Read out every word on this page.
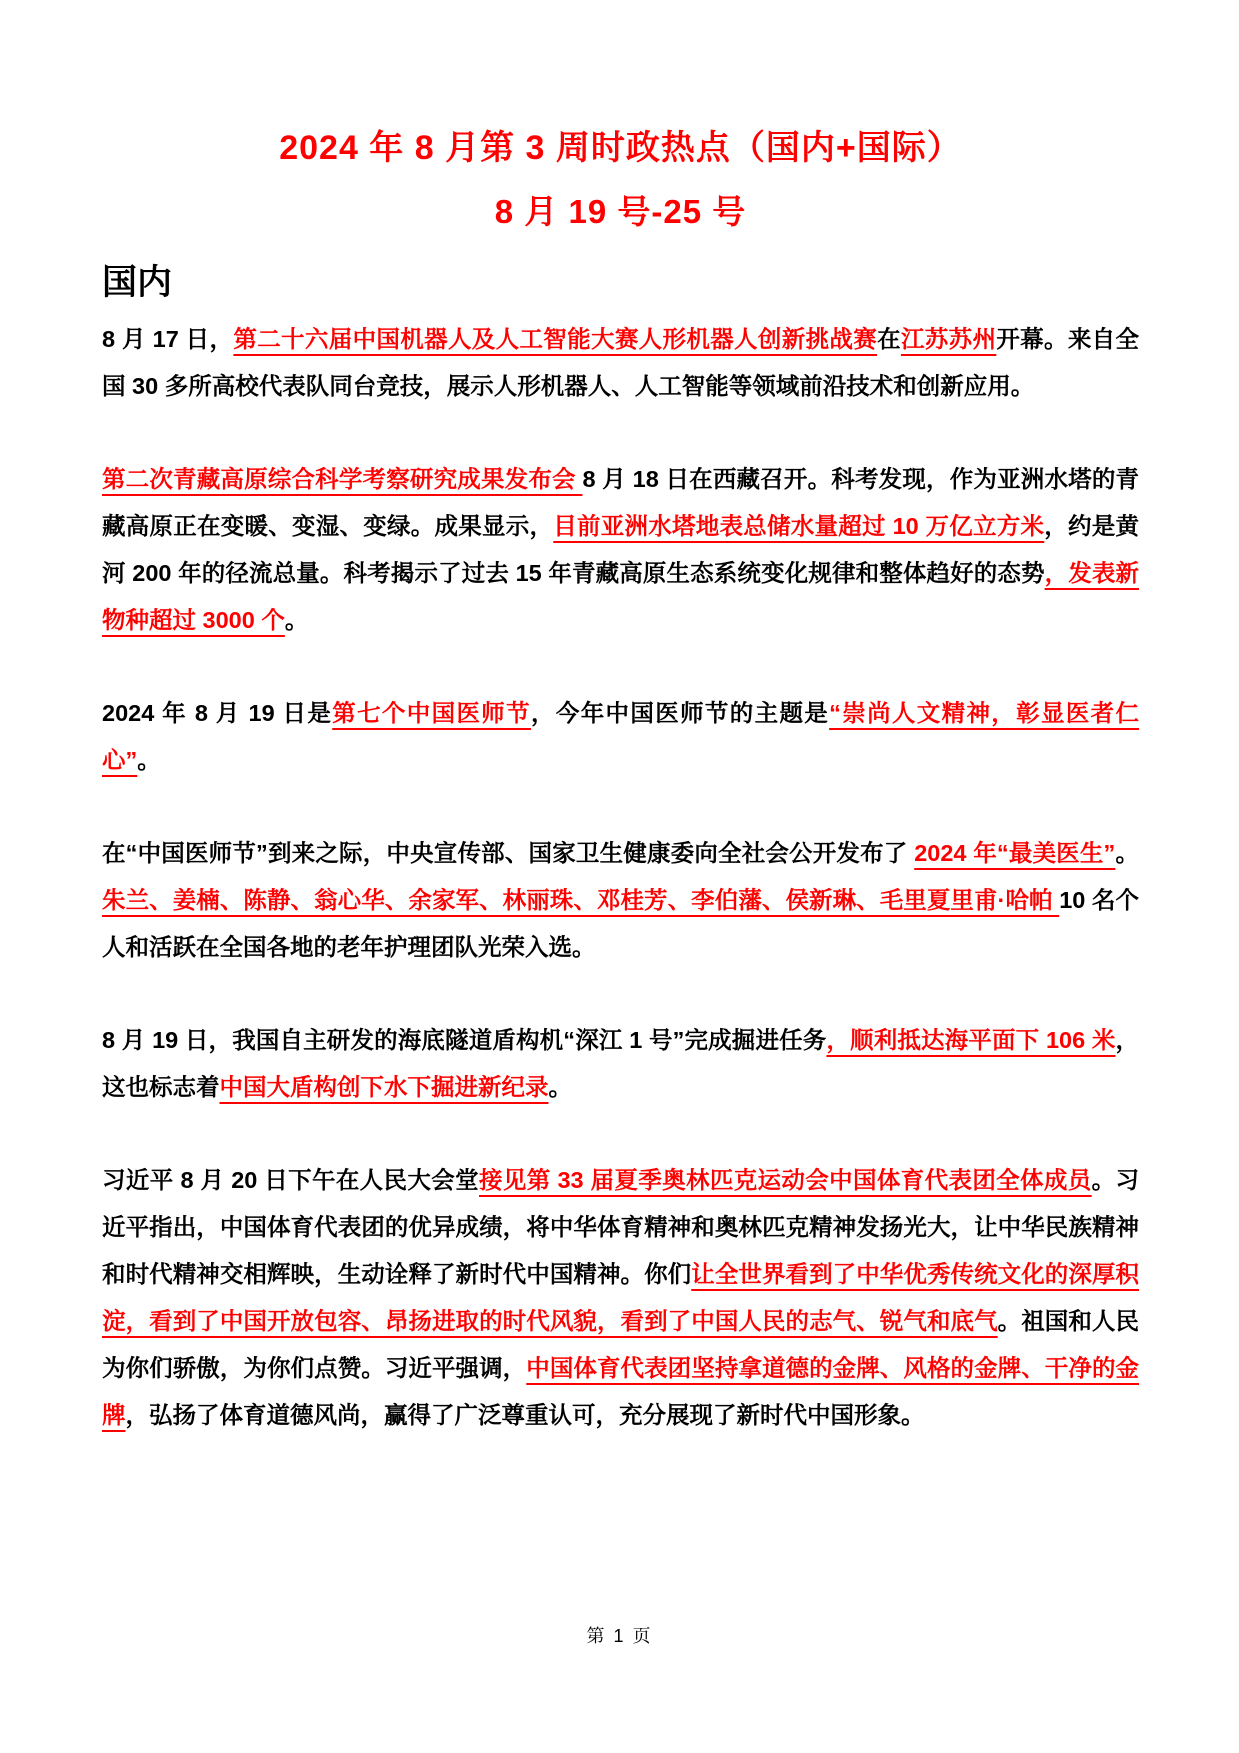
2024 年 8 月第 3 周时政热点（国内+国际）
8 月 19 号-25 号
国内

8 月 17 日，第二十六届中国机器人及人工智能大赛人形机器人创新挑战赛在江苏苏州开幕。来自全国 30 多所高校代表队同台竞技，展示人形机器人、人工智能等领域前沿技术和创新应用。

第二次青藏高原综合科学考察研究成果发布会 8 月 18 日在西藏召开。科考发现，作为亚洲水塔的青藏高原正在变暖、变湿、变绿。成果显示，目前亚洲水塔地表总储水量超过 10 万亿立方米，约是黄河 200 年的径流总量。科考揭示了过去 15 年青藏高原生态系统变化规律和整体趋好的态势，发表新物种超过 3000 个。

2024 年 8 月 19 日是第七个中国医师节，今年中国医师节的主题是“崇尚人文精神，彰显医者仁心”。

在“中国医师节”到来之际，中央宣传部、国家卫生健康委向全社会公开发布了 2024 年“最美医生”。朱兰、姜楠、陈静、翁心华、余家军、林丽珠、邓桂芳、李伯藩、侯新琳、毛里夏里甫·哈帕 10 名个人和活跃在全国各地的老年护理团队光荣入选。

8 月 19 日，我国自主研发的海底隧道盾构机“深江 1 号”完成掘进任务，顺利抵达海平面下 106 米，这也标志着中国大盾构创下水下掘进新纪录。

习近平 8 月 20 日下午在人民大会堂接见第 33 届夏季奥林匹克运动会中国体育代表团全体成员。习近平指出，中国体育代表团的优异成绩，将中华体育精神和奥林匹克精神发扬光大，让中华民族精神和时代精神交相辉映，生动诠释了新时代中国精神。你们让全世界看到了中华优秀传统文化的深厚积淀，看到了中国开放包容、昂扬进取的时代风貌，看到了中国人民的志气、锐气和底气。祖国和人民为你们骄傲，为你们点赞。习近平强调，中国体育代表团坚持拿道德的金牌、风格的金牌、干净的金牌，弘扬了体育道德风尚，赢得了广泛尊重认可，充分展现了新时代中国形象。

第 1 页
